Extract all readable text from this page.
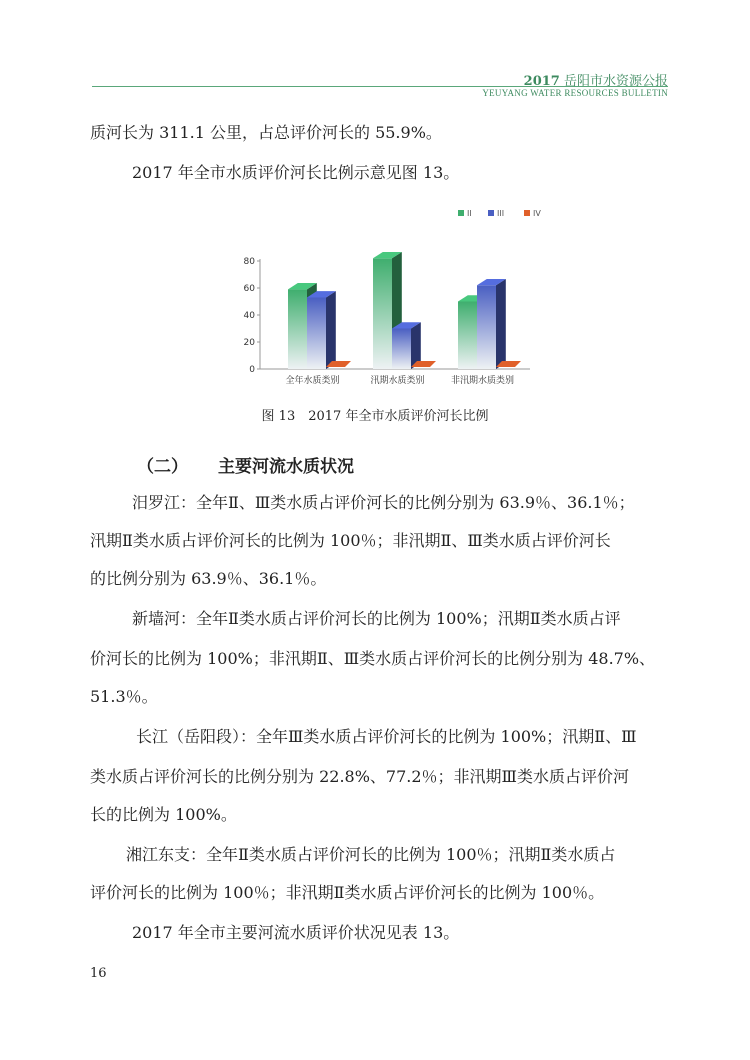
2017 岳阳市水资源公报
YEUYANG WATER RESOURCES BULLETIN
质河长为 311.1 公里，占总评价河长的 55.9%。
2017 年全市水质评价河长比例示意见图 13。
0
20
40
60
80
全年水质类别	汛期水质类别	非汛期水质类别
II	III	IV
图 13　2017 年全市水质评价河长比例
（二） 主要河流水质状况
汨罗江：全年Ⅱ、Ⅲ类水质占评价河长的比例分别为 63.9％、36.1％；
汛期Ⅱ类水质占评价河长的比例为 100％；非汛期Ⅱ、Ⅲ类水质占评价河长
的比例分别为 63.9％、36.1％。
新墙河：全年Ⅱ类水质占评价河长的比例为 100%；汛期Ⅱ类水质占评
价河长的比例为 100%；非汛期Ⅱ、Ⅲ类水质占评价河长的比例分别为 48.7%、
51.3％。
长江（岳阳段）：全年Ⅲ类水质占评价河长的比例为 100%；汛期Ⅱ、Ⅲ
类水质占评价河长的比例分别为 22.8%、77.2％；非汛期Ⅲ类水质占评价河
长的比例为 100%。
湘江东支：全年Ⅱ类水质占评价河长的比例为 100％；汛期Ⅱ类水质占
评价河长的比例为 100％；非汛期Ⅱ类水质占评价河长的比例为 100％。
2017 年全市主要河流水质评价状况见表 13。
16
